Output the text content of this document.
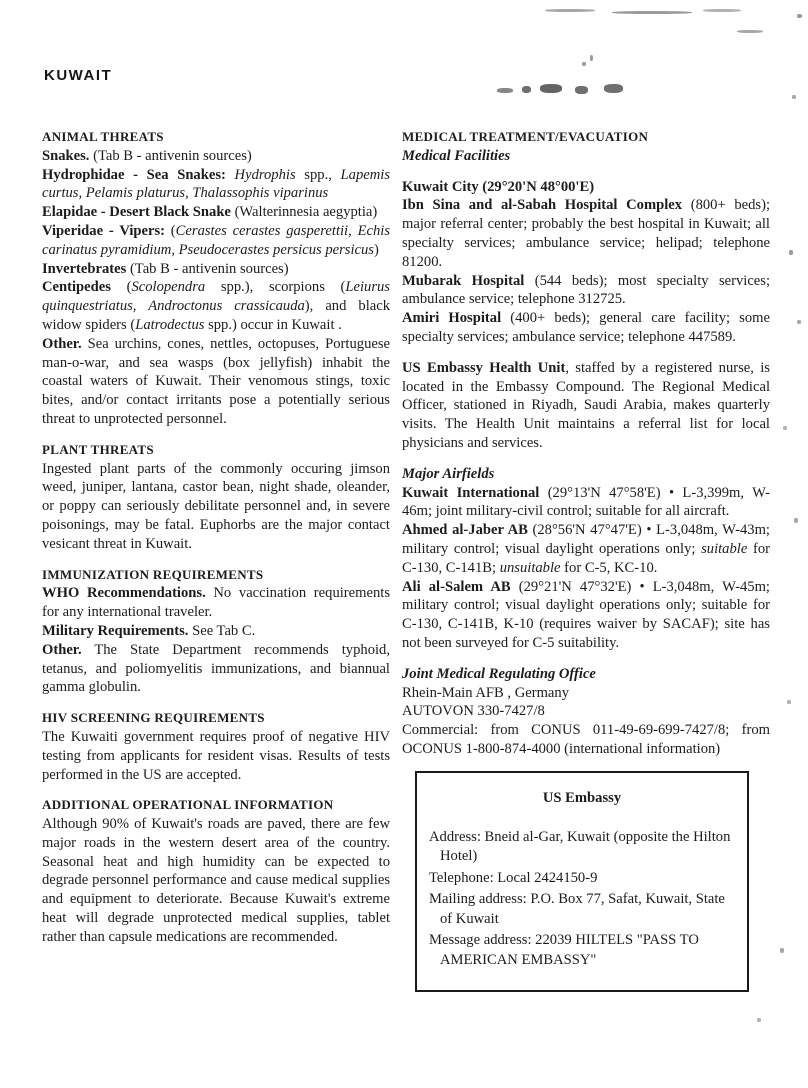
KUWAIT
ANIMAL THREATS

Snakes. (Tab B - antivenin sources)

Hydrophidae - Sea Snakes: Hydrophis spp., Lapemis curtus, Pelamis platurus, Thalassophis viparinus

Elapidae - Desert Black Snake (Walterinnesia aegyptia)

Viperidae - Vipers: (Cerastes cerastes gasperettii, Echis carinatus pyramidium, Pseudocerastes persicus persicus)

Invertebrates (Tab B - antivenin sources)

Centipedes (Scolopendra spp.), scorpions (Leiurus quinquestriatus, Androctonus crassicauda), and black widow spiders (Latrodectus spp.) occur in Kuwait .

Other. Sea urchins, cones, nettles, octopuses, Portuguese man-o-war, and sea wasps (box jellyfish) inhabit the coastal waters of Kuwait. Their venomous stings, toxic bites, and/or contact irritants pose a potentially serious threat to unprotected personnel.

PLANT THREATS

Ingested plant parts of the commonly occuring jimson weed, juniper, lantana, castor bean, night shade, oleander, or poppy can seriously debilitate personnel and, in severe poisonings, may be fatal. Euphorbs are the major contact vesicant threat in Kuwait.

IMMUNIZATION REQUIREMENTS

WHO Recommendations. No vaccination requirements for any international traveler.

Military Requirements. See Tab C.

Other. The State Department recommends typhoid, tetanus, and poliomyelitis immunizations, and biannual gamma globulin.

HIV SCREENING REQUIREMENTS

The Kuwaiti government requires proof of negative HIV testing from applicants for resident visas. Results of tests performed in the US are accepted.

ADDITIONAL OPERATIONAL INFORMATION

Although 90% of Kuwait's roads are paved, there are few major roads in the western desert area of the country. Seasonal heat and high humidity can be expected to degrade personnel performance and cause medical supplies and equipment to deteriorate. Because Kuwait's extreme heat will degrade unprotected medical supplies, tablet rather than capsule medications are recommended.

MEDICAL TREATMENT/EVACUATION
Medical Facilities

Kuwait City (29°20'N 48°00'E)

Ibn Sina and al-Sabah Hospital Complex (800+ beds); major referral center; probably the best hospital in Kuwait; all specialty services; ambulance service; helipad; telephone 81200.

Mubarak Hospital (544 beds); most specialty services; ambulance service; telephone 312725.

Amiri Hospital (400+ beds); general care facility; some specialty services; ambulance service; telephone 447589.

US Embassy Health Unit, staffed by a registered nurse, is located in the Embassy Compound. The Regional Medical Officer, stationed in Riyadh, Saudi Arabia, makes quarterly visits. The Health Unit maintains a referral list for local physicians and services.

Major Airfields

Kuwait International (29°13'N 47°58'E) • L-3,399m, W-46m; joint military-civil control; suitable for all aircraft.

Ahmed al-Jaber AB (28°56'N 47°47'E) • L-3,048m, W-43m; military control; visual daylight operations only; suitable for C-130, C-141B; unsuitable for C-5, KC-10.

Ali al-Salem AB (29°21'N 47°32'E) • L-3,048m, W-45m; military control; visual daylight operations only; suitable for C-130, C-141B, K-10 (requires waiver by SACAF); site has not been surveyed for C-5 suitability.

Joint Medical Regulating Office

Rhein-Main AFB , Germany

AUTOVON 330-7427/8

Commercial: from CONUS 011-49-69-699-7427/8; from OCONUS 1-800-874-4000 (international information)

US Embassy
Address: Bneid al-Gar, Kuwait (opposite the Hilton Hotel)
Telephone: Local 2424150-9
Mailing address: P.O. Box 77, Safat, Kuwait, State of Kuwait
Message address: 22039 HILTELS "PASS TO AMERICAN EMBASSY"
